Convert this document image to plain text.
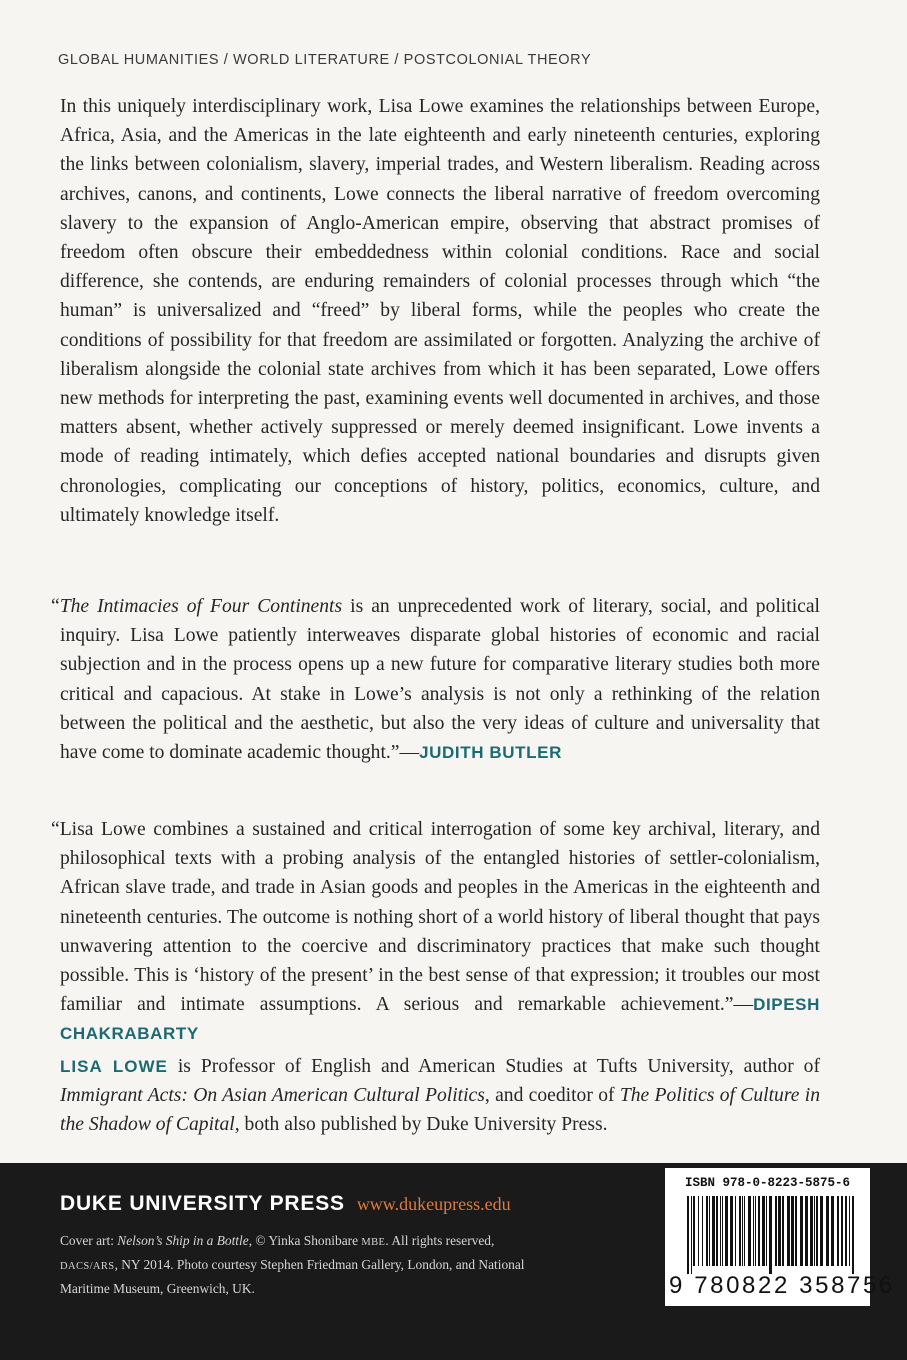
GLOBAL HUMANITIES / WORLD LITERATURE / POSTCOLONIAL THEORY

In this uniquely interdisciplinary work, Lisa Lowe examines the relationships between Europe, Africa, Asia, and the Americas in the late eighteenth and early nineteenth centuries, exploring the links between colonialism, slavery, imperial trades, and Western liberalism. Reading across archives, canons, and continents, Lowe connects the liberal narrative of freedom overcoming slavery to the expansion of Anglo-American empire, observing that abstract promises of freedom often obscure their embeddedness within colonial conditions. Race and social difference, she contends, are enduring remainders of colonial processes through which “the human” is universalized and “freed” by liberal forms, while the peoples who create the conditions of possibility for that freedom are assimilated or forgotten. Analyzing the archive of liberalism alongside the colonial state archives from which it has been separated, Lowe offers new methods for interpreting the past, examining events well documented in archives, and those matters absent, whether actively suppressed or merely deemed insignificant. Lowe invents a mode of reading intimately, which defies accepted national boundaries and disrupts given chronologies, complicating our conceptions of history, politics, economics, culture, and ultimately knowledge itself.

“The Intimacies of Four Continents is an unprecedented work of literary, social, and political inquiry. Lisa Lowe patiently interweaves disparate global histories of economic and racial subjection and in the process opens up a new future for comparative literary studies both more critical and capacious. At stake in Lowe’s analysis is not only a rethinking of the relation between the political and the aesthetic, but also the very ideas of culture and universality that have come to dominate academic thought.”—JUDITH BUTLER

“Lisa Lowe combines a sustained and critical interrogation of some key archival, literary, and philosophical texts with a probing analysis of the entangled histories of settler-colonialism, African slave trade, and trade in Asian goods and peoples in the Americas in the eighteenth and nineteenth centuries. The outcome is nothing short of a world history of liberal thought that pays unwavering attention to the coercive and discriminatory practices that make such thought possible. This is ‘history of the present’ in the best sense of that expression; it troubles our most familiar and intimate assumptions. A serious and remarkable achievement.”—DIPESH CHAKRABARTY

LISA LOWE is Professor of English and American Studies at Tufts University, author of Immigrant Acts: On Asian American Cultural Politics, and coeditor of The Politics of Culture in the Shadow of Capital, both also published by Duke University Press.

DUKE UNIVERSITY PRESS www.dukeupress.edu
Cover art: Nelson’s Ship in a Bottle, © Yinka Shonibare MBE. All rights reserved, DACS/ARS, NY 2014. Photo courtesy Stephen Friedman Gallery, London, and National Maritime Museum, Greenwich, UK.
ISBN 978-0-8223-5875-6
9 780822 358756
